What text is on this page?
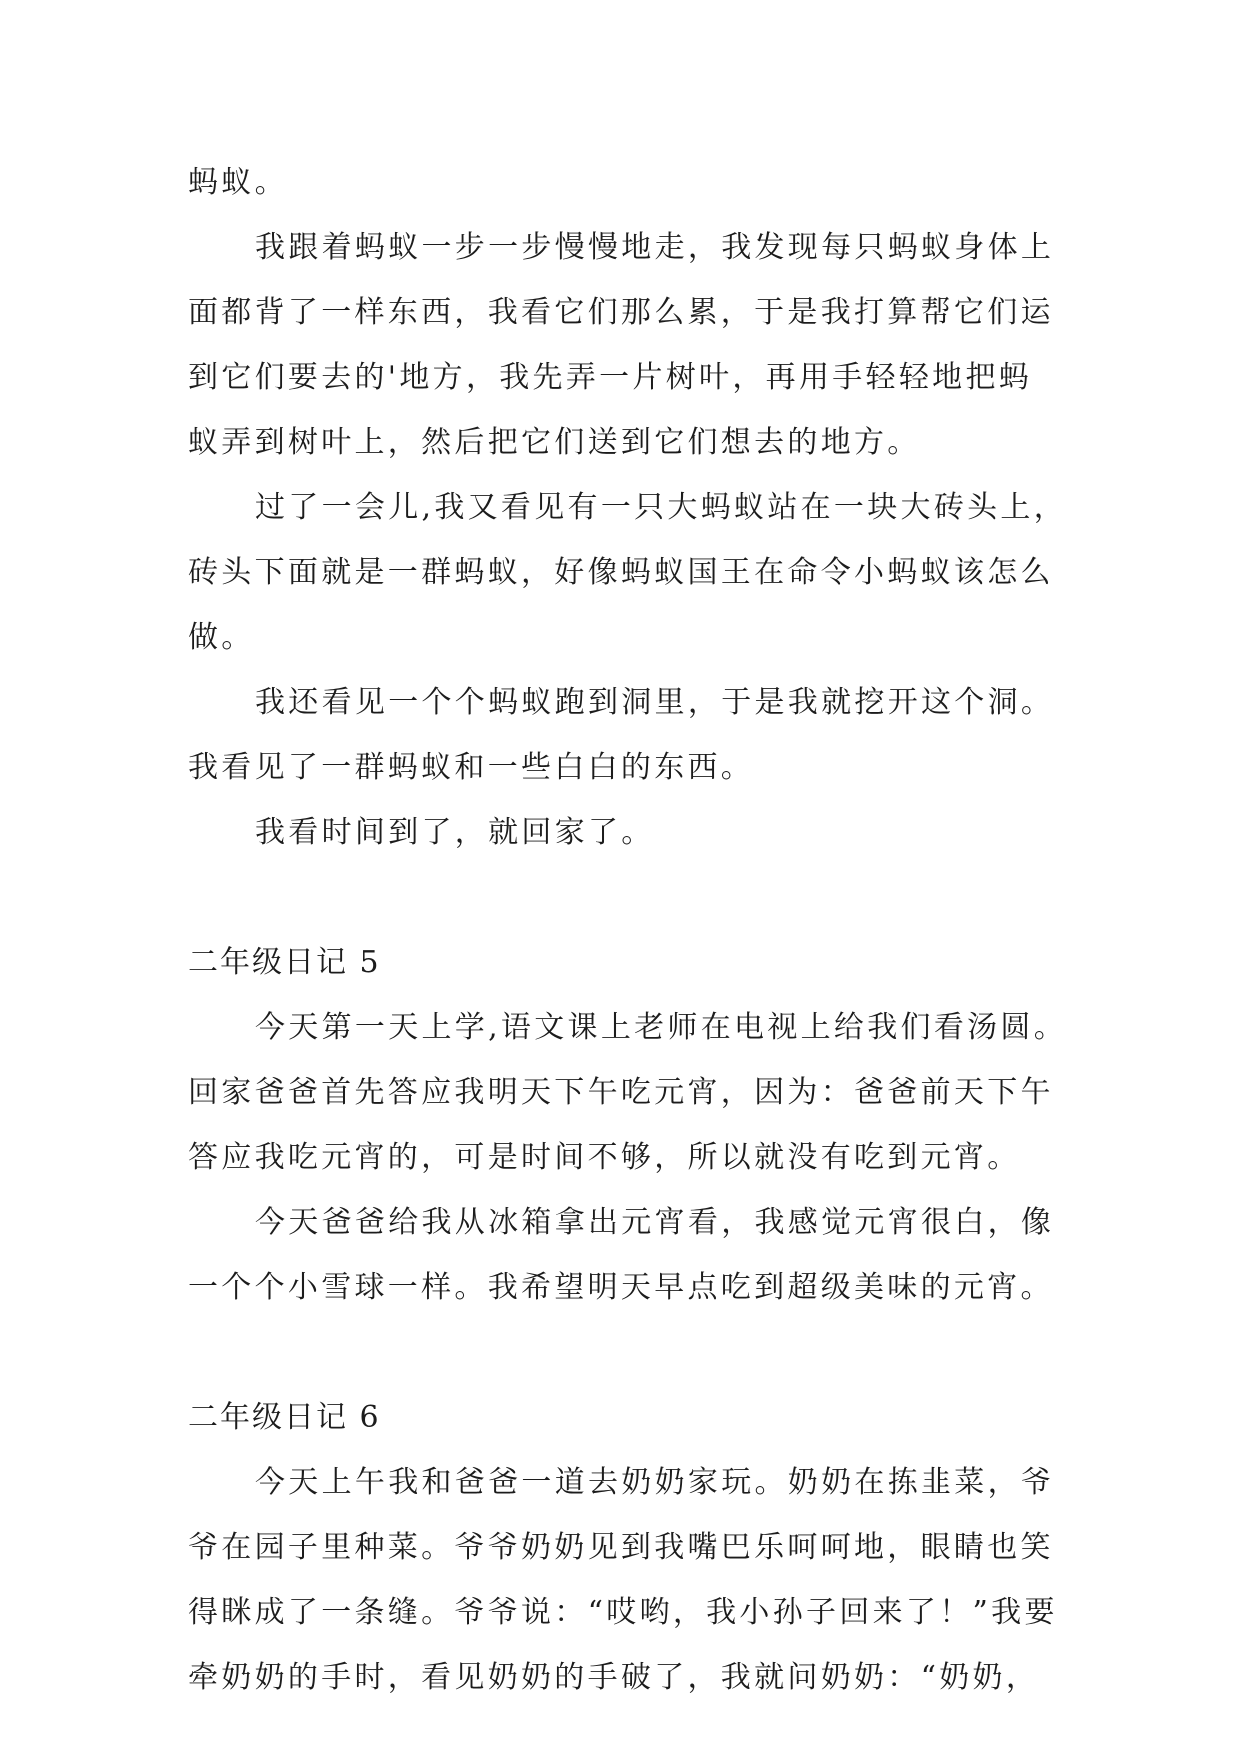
蚂蚁。

我跟着蚂蚁一步一步慢慢地走，我发现每只蚂蚁身体上

面都背了一样东西，我看它们那么累，于是我打算帮它们运

到它们要去的'地方，我先弄一片树叶，再用手轻轻地把蚂

蚁弄到树叶上，然后把它们送到它们想去的地方。

过了一会儿,我又看见有一只大蚂蚁站在一块大砖头上，

砖头下面就是一群蚂蚁，好像蚂蚁国王在命令小蚂蚁该怎么

做。

我还看见一个个蚂蚁跑到洞里，于是我就挖开这个洞。

我看见了一群蚂蚁和一些白白的东西。

我看时间到了，就回家了。

二年级日记 5

今天第一天上学,语文课上老师在电视上给我们看汤圆。

回家爸爸首先答应我明天下午吃元宵，因为：爸爸前天下午

答应我吃元宵的，可是时间不够，所以就没有吃到元宵。

今天爸爸给我从冰箱拿出元宵看，我感觉元宵很白，像

一个个小雪球一样。我希望明天早点吃到超级美味的元宵。

二年级日记 6

今天上午我和爸爸一道去奶奶家玩。奶奶在拣韭菜，爷

爷在园子里种菜。爷爷奶奶见到我嘴巴乐呵呵地，眼睛也笑

得眯成了一条缝。爷爷说：“哎哟，我小孙子回来了！”我要

牵奶奶的手时，看见奶奶的手破了，我就问奶奶：“奶奶，
